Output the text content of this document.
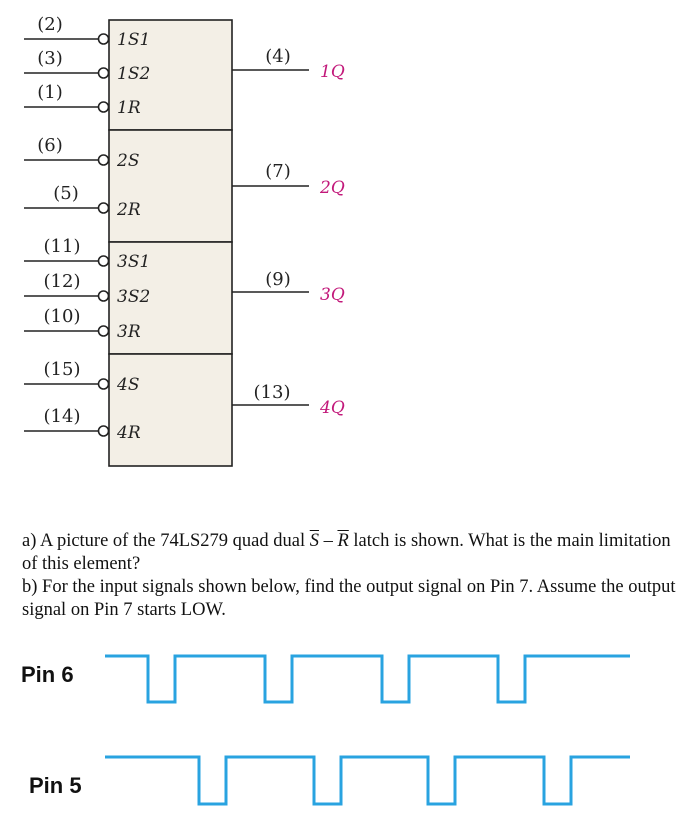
(2)
1S1
(3)
1S2
(1)
1R
(4)
1Q
(6)
2S
(5)
2R
(7)
2Q
(11)
3S1
(12)
3S2
(10)
3R
(9)
3Q
(15)
4S
(14)
4R
(13)
4Q

a) A picture of the 74LS279 quad dual $\overline{S} - \overline{R}$ latch is shown. What is the main limitation of this element?

b) For the input signals shown below, find the output signal on Pin 7. Assume the output signal on Pin 7 starts LOW.

Pin 6
Pin 5
